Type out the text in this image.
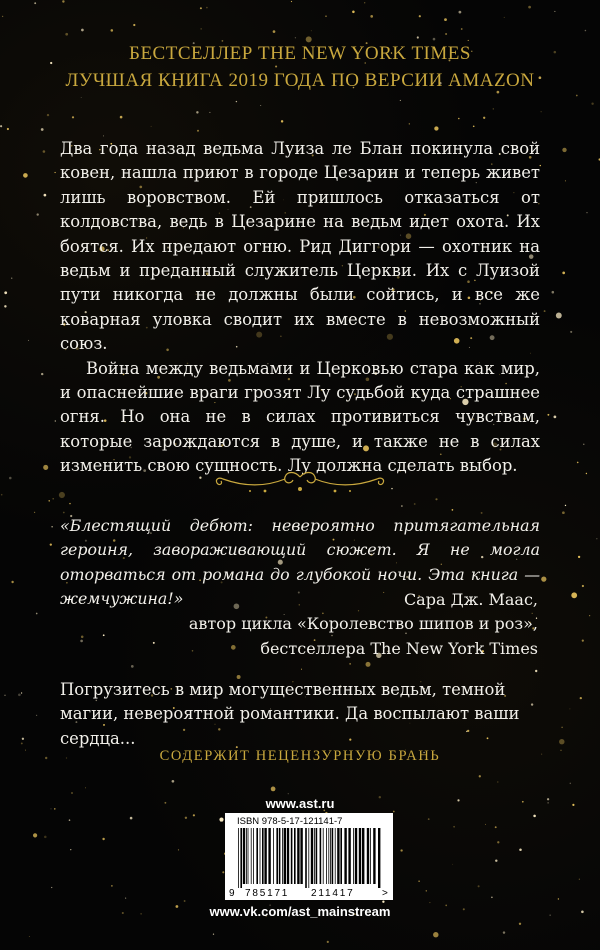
БЕСТСЕЛЛЕР THE NEW YORK TIMES
ЛУЧШАЯ КНИГА 2019 ГОДА ПО ВЕРСИИ AMAZON

Два года назад ведьма Луиза ле Блан покинула свой ковен, нашла приют в городе Цезарин и теперь живет лишь воровством. Ей пришлось отказаться от колдовства, ведь в Цезарине на ведьм идет охота. Их боятся. Их предают огню. Рид Диггори — охотник на ведьм и преданный служитель Церкви. Их с Луизой пути никогда не должны были сойтись, и все же коварная уловка сводит их вместе в невозможный союз.

Война между ведьмами и Церковью стара как мир, и опаснейшие враги грозят Лу судьбой куда страшнее огня. Но она не в силах противиться чувствам, которые зарождаются в душе, и также не в силах изменить свою сущность. Лу должна сделать выбор.

«Блестящий дебют: невероятно притягательная героиня, завораживающий сюжет. Я не могла оторваться от романа до глубокой ночи. Эта книга — жемчужина!»	Сара Дж. Маас,
автор цикла «Королевство шипов и роз»,
бестселлера The New York Times
Погрузитесь в мир могущественных ведьм, темной магии, невероятной романтики. Да воспылают ваши сердца...
СОДЕРЖИТ НЕЦЕНЗУРНУЮ БРАНЬ
www.ast.ru
ISBN 978-5-17-121141-7
9 785171 211417	>
www.vk.com/ast_mainstream
